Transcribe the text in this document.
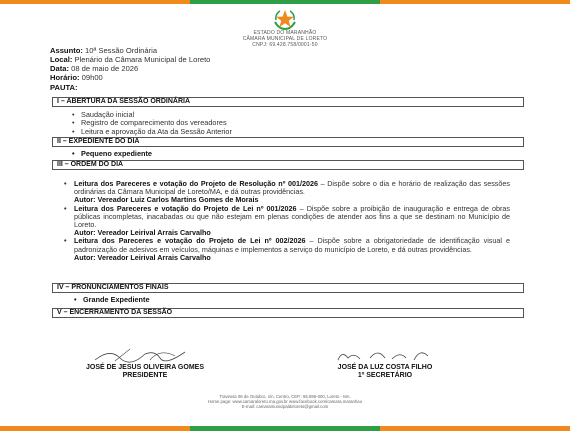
ESTADO DO MARANHÃO
CÂMARA MUNICIPAL DE LORETO
CNPJ: 69.428.758/0001-50
Assunto: 10ª Sessão Ordinária
Local: Plenário da Câmara Municipal de Loreto
Data: 08 de maio de 2026
Horário: 09h00
PAUTA:
I – ABERTURA DA SESSÃO ORDINÁRIA
• Saudação inicial
• Registro de comparecimento dos vereadores
• Leitura e aprovação da Ata da Sessão Anterior
II – EXPEDIENTE DO DIA
• Pequeno expediente
III – ORDEM DO DIA
• Leitura dos Pareceres e votação do Projeto de Resolução nº 001/2026 – Dispõe sobre o dia e horário de realização das sessões ordinárias da Câmara Municipal de Loreto/MA, e dá outras providências.
Autor: Vereador Luiz Carlos Martins Gomes de Morais
• Leitura dos Pareceres e votação do Projeto de Lei nº 001/2026 – Dispõe sobre a proibição de inauguração e entrega de obras públicas incompletas, inacabadas ou que não estejam em plenas condições de atender aos fins a que se destinam no Município de Loreto.
Autor: Vereador Leirival Arrais Carvalho
• Leitura dos Pareceres e votação do Projeto de Lei nº 002/2026 – Dispõe sobre a obrigatoriedade de identificação visual e padronização de adesivos em veículos, máquinas e implementos a serviço do município de Loreto, e dá outras providências.
Autor: Vereador Leirival Arrais Carvalho
IV – PRONUNCIAMENTOS FINAIS
• Grande Expediente
V – ENCERRAMENTO DA SESSÃO
JOSÉ DE JESUS OLIVEIRA GOMES
PRESIDENTE
JOSÉ DA LUZ COSTA FILHO
1º SECRETÁRIO
Travessa 08 de Outubro, s/n, Centro, CEP.: 65.895-000, Loreto - MA.
Home page: www.camaraloreto.ma.gov.br www.facebook.com/camara.maranhao
E-mail: camaramunicipaldeloreto@gmail.com
